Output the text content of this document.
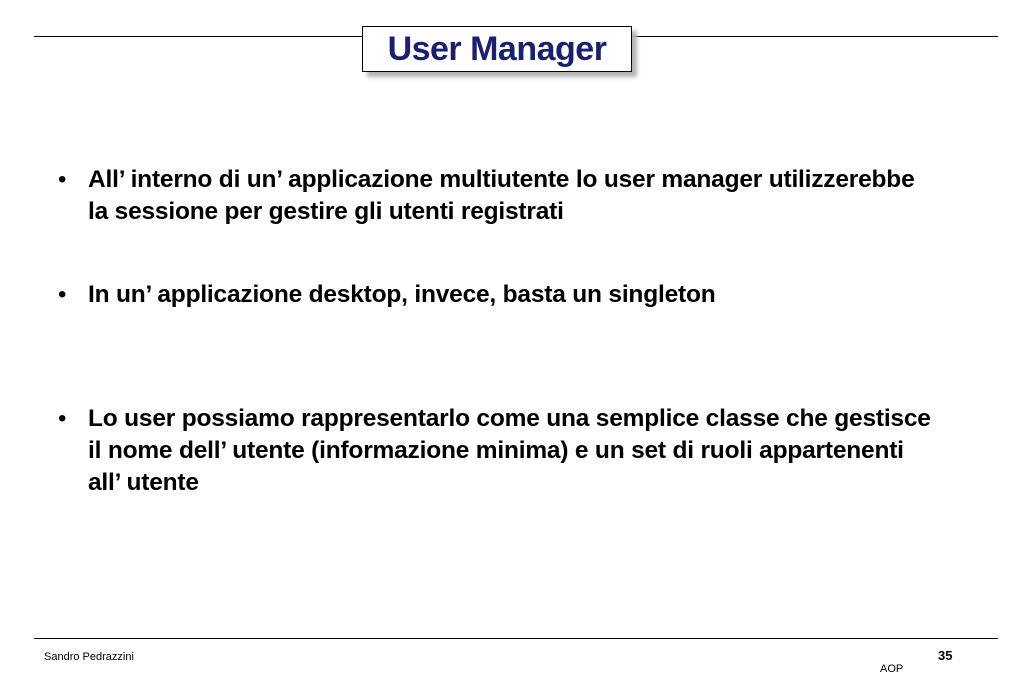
User Manager
• All’ interno di un’ applicazione multiutente lo user manager utilizzerebbe la sessione per gestire gli utenti registrati
• In un’ applicazione desktop, invece, basta un singleton
• Lo user possiamo rappresentarlo come una semplice classe che gestisce il nome dell’ utente (informazione minima) e un set di ruoli appartenenti all’ utente
Sandro Pedrazzini	35
AOP
